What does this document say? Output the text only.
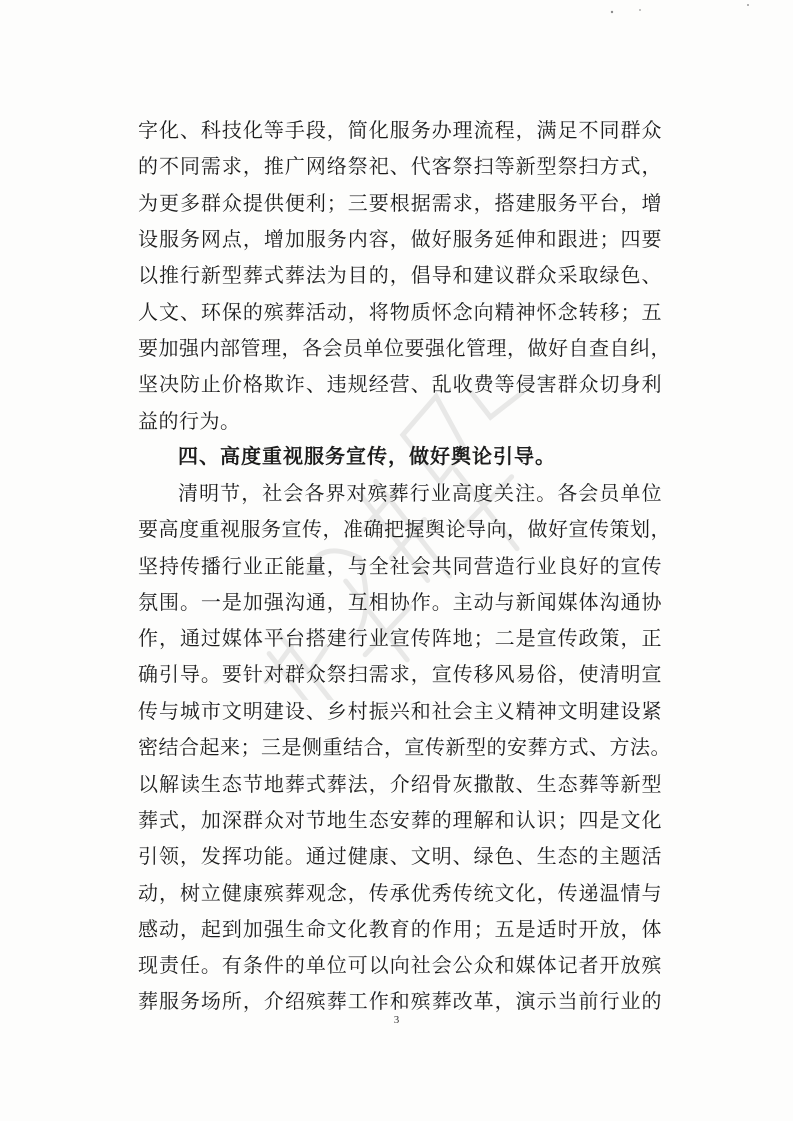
字化、科技化等手段，简化服务办理流程，满足不同群众
的不同需求，推广网络祭祀、代客祭扫等新型祭扫方式，
为更多群众提供便利；三要根据需求，搭建服务平台，增
设服务网点，增加服务内容，做好服务延伸和跟进；四要
以推行新型葬式葬法为目的，倡导和建议群众采取绿色、
人文、环保的殡葬活动，将物质怀念向精神怀念转移；五
要加强内部管理，各会员单位要强化管理，做好自查自纠，
坚决防止价格欺诈、违规经营、乱收费等侵害群众切身利
益的行为。
四、高度重视服务宣传，做好舆论引导。
清明节，社会各界对殡葬行业高度关注。各会员单位
要高度重视服务宣传，准确把握舆论导向，做好宣传策划，
坚持传播行业正能量，与全社会共同营造行业良好的宣传
氛围。一是加强沟通，互相协作。主动与新闻媒体沟通协
作，通过媒体平台搭建行业宣传阵地；二是宣传政策，正
确引导。要针对群众祭扫需求，宣传移风易俗，使清明宣
传与城市文明建设、乡村振兴和社会主义精神文明建设紧
密结合起来；三是侧重结合，宣传新型的安葬方式、方法。
以解读生态节地葬式葬法，介绍骨灰撒散、生态葬等新型
葬式，加深群众对节地生态安葬的理解和认识；四是文化
引领，发挥功能。通过健康、文明、绿色、生态的主题活
动，树立健康殡葬观念，传承优秀传统文化，传递温情与
感动，起到加强生命文化教育的作用；五是适时开放，体
现责任。有条件的单位可以向社会公众和媒体记者开放殡
葬服务场所，介绍殡葬工作和殡葬改革，演示当前行业的
3
